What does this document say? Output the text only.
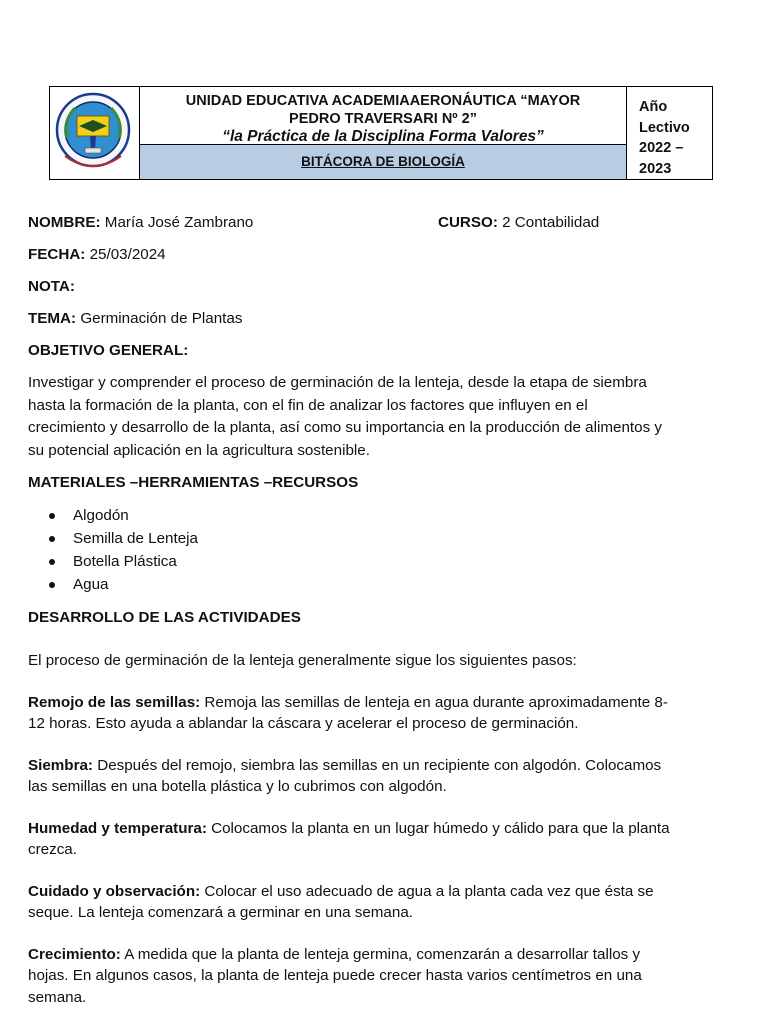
UNIDAD EDUCATIVA ACADEMIAAERONÁUTICA “MAYOR
PEDRO TRAVERSARI Nº 2”
“la Práctica de la Disciplina Forma Valores”
BITÁCORA DE BIOLOGÍA
Año
Lectivo
2022 –
2023
NOMBRE: María José Zambrano	CURSO: 2 Contabilidad
FECHA: 25/03/2024
NOTA:
TEMA: Germinación de Plantas
OBJETIVO GENERAL:
Investigar y comprender el proceso de germinación de la lenteja, desde la etapa de siembra
hasta la formación de la planta, con el fin de analizar los factores que influyen en el
crecimiento y desarrollo de la planta, así como su importancia en la producción de alimentos y
su potencial aplicación en la agricultura sostenible.
MATERIALES –HERRAMIENTAS –RECURSOS
Algodón
Semilla de Lenteja
Botella Plástica
Agua
DESARROLLO DE LAS ACTIVIDADES
El proceso de germinación de la lenteja generalmente sigue los siguientes pasos:
Remojo de las semillas: Remoja las semillas de lenteja en agua durante aproximadamente 8-
12 horas. Esto ayuda a ablandar la cáscara y acelerar el proceso de germinación.
Siembra: Después del remojo, siembra las semillas en un recipiente con algodón. Colocamos
las semillas en una botella plástica y lo cubrimos con algodón.
Humedad y temperatura: Colocamos la planta en un lugar húmedo y cálido para que la planta
crezca.
Cuidado y observación: Colocar el uso adecuado de agua a la planta cada vez que ésta se
seque. La lenteja comenzará a germinar en una semana.
Crecimiento: A medida que la planta de lenteja germina, comenzarán a desarrollar tallos y
hojas. En algunos casos, la planta de lenteja puede crecer hasta varios centímetros en una
semana.
